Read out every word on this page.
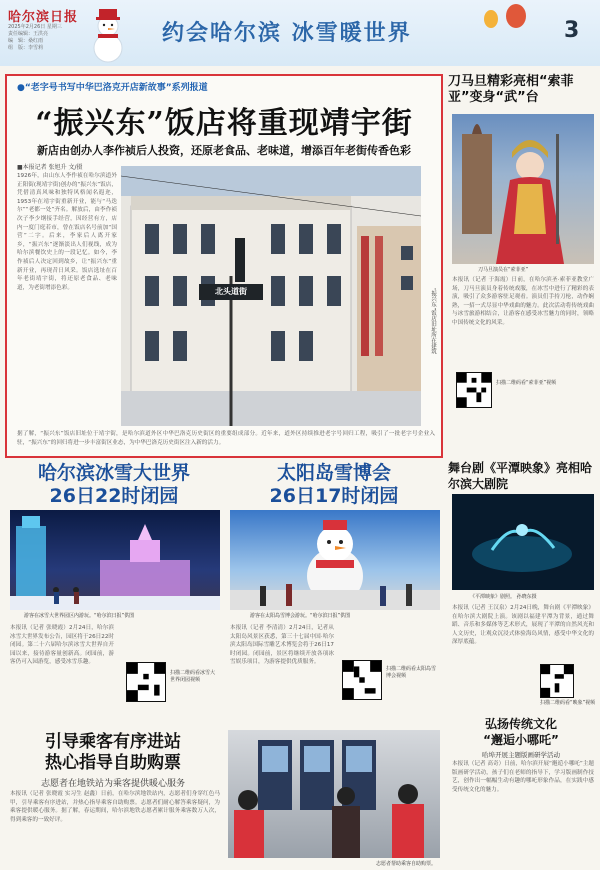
哈尔滨日报
2025年2月26日 星期三
责任编辑：王洪亮
编　辑：桑红雨
组　版：李雪莉
约会哈尔滨 冰雪暖世界	3
●“老字号书写中华巴洛克开店新故事”系列报道
“振兴东”饭店将重现靖宇街
新店由创办人李作祯后人投资，还原老食品、老味道，增添百年老街传香色彩
■本报记者 张旭升 文/摄
1926年，由山东人李作祯在哈尔滨道外正阳街(现靖宇街)创办的“振兴东”饭店，凭借清真风味和独特风格闻名遐迩，1953年在靖宇街重新开业，能与“马迭尔”“老都一处”齐名。解放后，由李作祯次子李少纲接手经营，因经营有方，店内一度门庭若市，曾在饭店名号前加“国营”二字。后来，李家后人离开家乡，“振兴东”逐渐淡出人们视线，成为哈尔滨餐饮史上的一段记忆。如今，李作祯后人决定回到故乡，让“振兴东”重新开业，再现昔日风采。饭店选址在百年老街靖宇街，将还原老食品、老味道，为老街增添色彩。	北头道街	“振兴东”饭店旧址所在建筑
据了解，“振兴东”饭店旧址位于靖宇街，是哈尔滨道外区中华巴洛克历史街区的重要组成部分。近年来，道外区持续推进老字号回归工程，吸引了一批老字号企业入驻，“振兴东”的回归将进一步丰富街区业态，为中华巴洛克历史街区注入新的活力。
刀马旦精彩亮相“索菲亚”变身“武”台
刀马旦演员在“索菲亚”
本报讯（记者 于海霞）日前，在哈尔滨圣·索菲亚教堂广场，刀马旦演员身着传统戏服，在冰雪中进行了精彩的表演，吸引了众多游客驻足观看。演员们手持刀枪，动作娴熟，一招一式尽显中华戏曲的魅力。此次活动将传统戏曲与冰雪旅游相结合，让游客在感受冰雪魅力的同时，领略中国传统文化的风采。
扫描二维码看“索菲亚”视频
哈尔滨冰雪大世界
26日22时闭园
游客在冰雪大世界园区内游玩。“哈尔滨日报”供图
本报讯（记者 张晓霞）2月24日，哈尔滨冰雪大世界发布公告，园区将于26日22时闭园。第二十六届哈尔滨冰雪大世界自开园以来，接待游客量创新高。闭园前，游客仍可入园游览，感受冰雪乐趣。
扫描二维码看冰雪大世界闭园视频
太阳岛雪博会
26日17时闭园
游客在太阳岛雪博会游玩。“哈尔滨日报”供图
本报讯（记者 李清清）2月24日，记者从太阳岛风景区获悉，第三十七届中国·哈尔滨太阳岛国际雪雕艺术博览会将于26日17时闭园。闭园前，景区将继续开放各项冰雪娱乐项目，为游客提供优质服务。
扫描二维码看太阳岛雪博会视频
舞台剧《平潭映象》亮相哈尔滨大剧院
《平潭映象》剧照。 孙晓东摄
本报讯（记者 王汉泉）2月24日晚，舞台剧《平潭映象》在哈尔滨大剧院上演。该剧以福建平潭为背景，通过舞蹈、音乐和多媒体等艺术形式，展现了平潭的自然风光和人文历史，让观众沉浸式体验海岛风情，感受中华文化的深厚底蕴。
扫描二维码看“映象”视频
引导乘客有序进站
热心指导自助购票
志愿者在地铁站为乘客提供暖心服务
本报讯（记者 张晓霞 实习生 赵鑫）日前，在哈尔滨地铁站内，志愿者们身穿红色马甲，引导乘客有序进站，并热心指导乘客自助购票。志愿者们耐心解答乘客疑问，为乘客提供暖心服务。据了解，春运期间，哈尔滨地铁志愿者累计服务乘客数万人次，得到乘客的一致好评。
志愿者帮助乘客自助购票。
弘扬传统文化
“邂逅小哪吒”
哈埠开展主题版画研学活动
本报讯（记者 高奇）日前，哈尔滨开展“邂逅小哪吒”主题版画研学活动，孩子们在老师的指导下，学习版画制作技艺，创作出一幅幅生动有趣的哪吒形象作品，在实践中感受传统文化的魅力。
